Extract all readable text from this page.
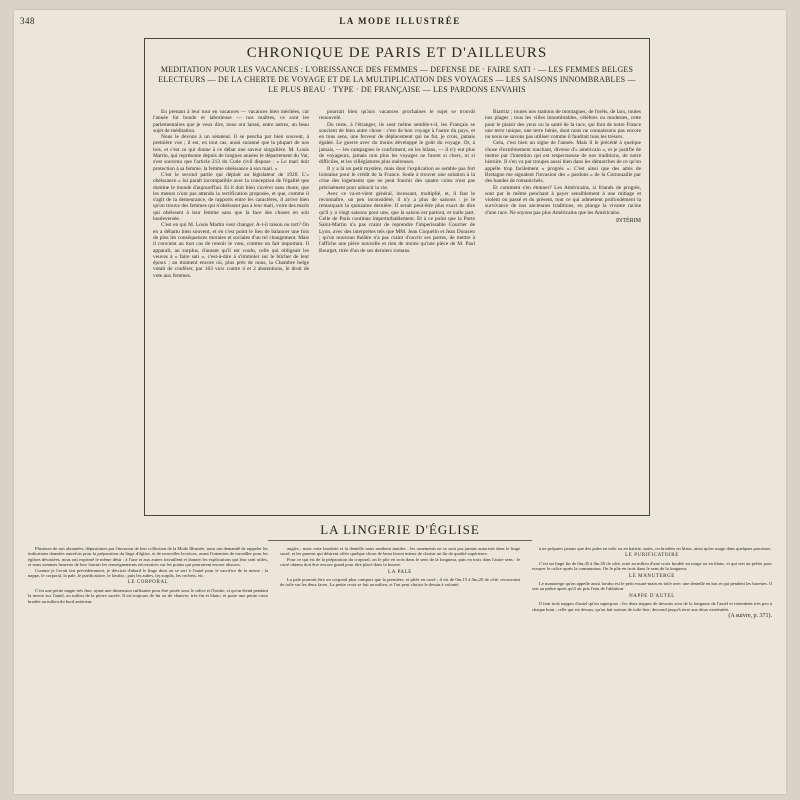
348	LA MODE ILLUSTRÉE
CHRONIQUE DE PARIS ET D'AILLEURS
MEDITATION POUR LES VACANCES : L'OBEISSANCE DES FEMMES — DEFENSE DE · FAIRE SATI · — LES FEMMES BELGES ELECTEURS — DE LA CHERTE DE VOYAGE ET DE LA MULTIPLICATION DES VOYAGES — LES SAISONS INNOMBRABLES — LE PLUS BEAU · TYPE · DE FRANÇAISE — LES PARDONS ENVAHIS

En prenant à leur tour en vacances — vacances bien méritées, car l'année fut bonde et laborieuse — nos maîtres, ce sont les parlementaires que je veux dire, nous ont laissé, entre autres, un beau sujet de méditation.

Nous le devons à un sénateur. Il se pencha par bien souvent, à première vue ; il est, en tout cas, aussi suranné que la plupart de nos lois, et c'est ce qui donne à ce débat une saveur singulière. M. Louis Martin, qui représente depuis de longues années le département du Var, s'est souvenu que l'article 213 du Code civil dispose : « Le mari doit protection à sa femme, la femme obéissance à son mari. »

C'est le second partie qui déplait au législateur de 1920. L'« obéissance » lui paraît incompatible avec la conception de l'égalité que domine le monde d'aujourd'hui. Et il doit bien s'avérer sans doute, que les mœurs n'ont pas attendu la rectification proposée, et que, comme il s'agit de la demeurance, de rapports entre les caractères, il arrive bien qu'on trouve des femmes qui n'obéissent pas à leur mari, voire des maris qui obéissent à leur femme sans que la face des choses en soit bouleversée.

C'est en qui M. Louis Martin veut changer. A-t-il raison ou tort? On en a débattu bien souvent, et en c'est point le lieu de balancer une fois de plus les conséquences morales et sociales d'un tel changement. Mais il convient au tout cas de retenir le vœu, comme un fait important. Il apparaît, au surplus, d'autant qu'il est voulu, celle qui obligeait les veuves à « faire sati », c'est-à-dire à s'immoler sur le bûcher de leur époux ; au moment encore où, plus près de nous, la Chambre belge votait de conférer, par 163 voix contre 4 et 2 abstentions, le droit de vote aux femmes.

pourrait bien qu'aux vacances prochaines le sujet se trouvât renouvelé.

Du reste, à l'étranger, ils sont même semble-t-il, les Français se soucient de bien autre chose : c'est de bon voyage à l'autre du pays, et en tous sens, une ferveur de déplacement qui ne fut, je crois, jamais égalée. Le guerre avec du moins développé le goût du voyage. Or, à jamais, — les campagnes le confirment, en les bilans, — il n'y eut plus de voyageurs, jamais non plus les voyages ne furent si chers, ni si difficiles, et les villégiatures plus onéreuses.

Il y a là un petit mystère, mais dont l'explication se semble pas fort lointaine pour le crédit de la France. Seule à trouver une solution à la crise des logements que ne peut fournir des quatre coins n'est pas précisément pour adoucir la vie.

Avec ce va-et-vient général, incessant, multiplié, et, il faut le reconnaître, un peu inconsidéré, il n'y a plus de saisons : je le remarquais la quinzaine dernière. Il serait peut-être plus exact de dire qu'il y a vingt saisons pour une, que la saison est partout, et nulle part. Celle de Paris continue imperturbablement. Et à ce point que la Porte Saint-Martin n'a pas craint de reprendre l'imperissable Courrier de Lyon, avec des interprètes tels que MM. Jean Coquelin et Jean Duracen ; qu'un nouveau théâtre n'a pas craint d'ouvrir ses portes, de mettre à l'affiche une pièce nouvelle et rien de moins qu'une pièce de M. Paul Bourget, tirée d'un de ses derniers romans.

Biarritz ; toutes nos stations de montagnes, de forêts, de lacs, toutes nos plages ; tous les villes innombrables, célèbres ou modestes, cette pour le plaisir des yeux ou la santé de la race, qui font de notre France une terre unique, une terre bénie, dont nous ne connaissons pas encore ou nous ne savons pas utiliser comme il faudrait tous les trésors.

Gela, c'est bien un signe de l'année. Mais il le précédé à quelque chose d'extrêmement touchant, diverse d'« américain », et je justifie de mettre par l'intention qui est respectueuse de nos traditions, de notre histoire. Il s'en va par troupes aussi bien dans les démarches de ce qu'on appelle trop facilement « progrès ». C'est ainsi que des amis de Bretagne me signalent l'invasion des « pardons » de la Cornouaille par des bandes de romanichels.

Et comment s'en étonner? Les Américains, si friands de progrès, sont par le même penchant à payer sensiblement à une mitlage et violent ou passé et du présent, tout ce qui admettent profondément la survivance de nos anciennes traditions, en plonge la vivante racine d'une race. Ne soyons pas plus Américains que les Américains.

INTÉRIM
LA LINGERIE D'ÉGLISE

Plusieurs de nos abonnées, dépositaires par l'invasion de leur collection de la Mode Illustrée, nous ont demandé de rappeler les indications données autrefois pour la préparation du linge d'église, et de nouvelles lectrices, avant l'intention de travailler pour les églises dévastées, nous ont exprimé le même désir : à l'une et aux autres travaillent et donner les explications qui leur sont utiles, et nous sommes heureux de leur fournir les renseignements nécessaires sur les points qui pourraient encore obscurs.

Comme je l'avait fait précédemment, je décrirai d'abord le linge dont on se sert à l'autel pour le sacrifice de la messe : la nappe, le corporal, la pale, le purificatoire, le lavabo ; puis les aubes, les surplis, les rochets, etc.

LE CORPORAL

C'est une petite nappe très fine, ayant une dimension suffisante pour être posée sous le calice et l'hostie, et qu'on étend pendant la messe sur l'autel, au milieu de la pierre sacrée. Il est toujours de lin ou de chanvre, très fin et blanc, et porte une petite croix brodée au milieu du bord antérieur.

angles ; mais cette broderie et la dentelle nous sembent inutiles : les ornements ne se sont pas jamais autorisés dans le linge sacré, et les parents qui désirent offrir quelque chose de beau feront mieux de choisir un lin de qualité supérieure.

Pour ce qui est de la préparation du corporal, on le plie en trois dans le sens de la longueur, puis en trois dans l'autre sens : le carré obtenu doit être encore grand pour être placé dans la bourse.

LA PALE

La pale pourrait être un corporal plus compact que la première, et pliée en carré ; il est de 0m,15 à 0m,20 de côté, recouvrant de toile sur les deux faces. La petite croix se fait au milieu, et l'on peut choisir le dessin à volonté.

à ne préparer jamais que des pales en toile ou en batiste, unies, ou brodées en blanc, ainsi qu'en usage dans quelques paroisses.

LE PURIFICATOIRE

C'est un linge fin de 0m,45 à 0m,50 de côté, orné au milieu d'une croix brodée en rouge ou en blanc, et qui sert au prêtre pour essuyer le calice après la communion. On le plie en trois dans le sens de la longueur.

LE MANUTERGE

Le manuterge qu'on appelle aussi lavabo est le petit essuie-main en toile avec une dentelle en bas et qui pendent les burettes. Il sert au prêtre après qu'il ait pris l'eau de l'ablution.

NAPPE D'AUTEL

Il faut trois nappes d'autel qu'on superpose ; les deux nappes de dessous sont de la longueur de l'autel et retombent très peu à chaque bout ; celle qui est dessus, qu'on fait surtout de toile fine, descend jusqu'à terre aux deux extrémités.

(A suivre, p. 371).
